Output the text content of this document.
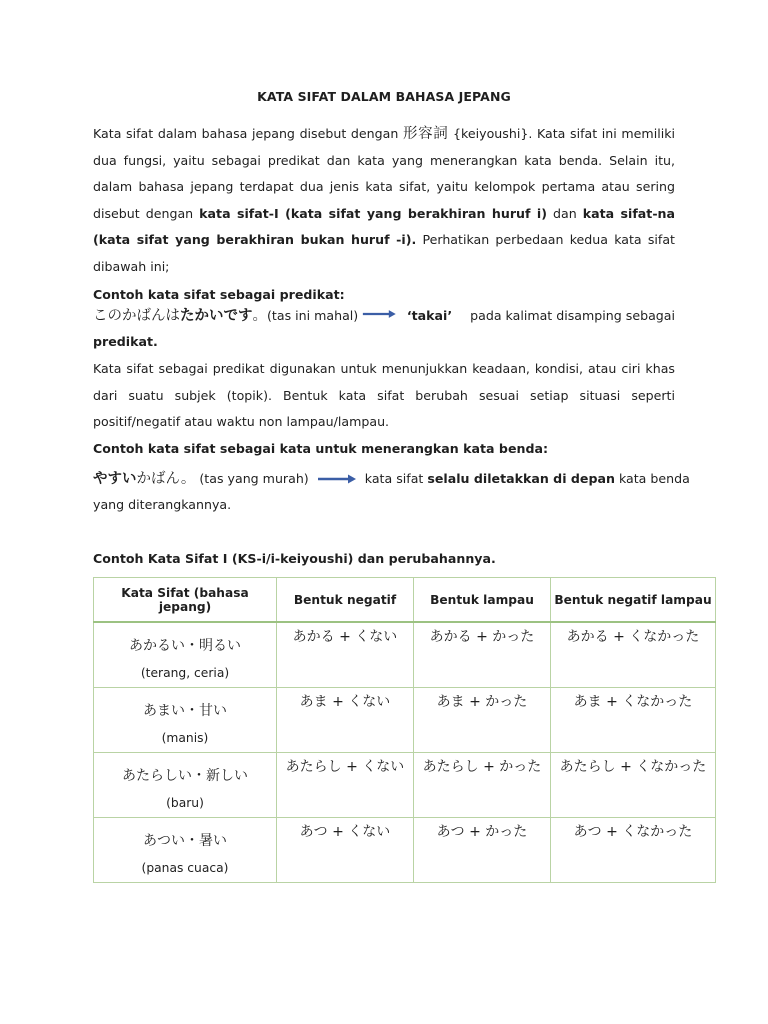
KATA SIFAT DALAM BAHASA JEPANG

Kata sifat dalam bahasa jepang disebut dengan 形容詞 {keiyoushi}. Kata sifat ini memiliki dua fungsi, yaitu sebagai predikat dan kata yang menerangkan kata benda. Selain itu, dalam bahasa jepang terdapat dua jenis kata sifat, yaitu kelompok pertama atau sering disebut dengan kata sifat-I (kata sifat yang berakhiran huruf i) dan kata sifat-na (kata sifat yang berakhiran bukan huruf -i). Perhatikan perbedaan kedua kata sifat dibawah ini;

Contoh kata sifat sebagai predikat:
このかばんはたかいです。 (tas ini mahal)	‘takai’ pada kalimat disamping sebagai
predikat.

Kata sifat sebagai predikat digunakan untuk menunjukkan keadaan, kondisi, atau ciri khas dari suatu subjek (topik). Bentuk kata sifat berubah sesuai setiap situasi seperti positif/negatif atau waktu non lampau/lampau.

Contoh kata sifat sebagai kata untuk menerangkan kata benda:
やすいかばん。 (tas yang murah)	kata sifat selalu diletakkan di depan kata benda
yang diterangkannya.
Contoh Kata Sifat I (KS-i/i-keiyoushi) dan perubahannya.
Kata Sifat (bahasa jepang)	Bentuk negatif	Bentuk lampau	Bentuk negatif lampau

あかるい・明るい
(terang, ceria)	あかる + くない	あかる + かった	あかる + くなかった

あまい・甘い
(manis)	あま + くない	あま + かった	あま + くなかった

あたらしい・新しい
(baru)	あたらし + くない	あたらし + かった	あたらし + くなかった

あつい・暑い
(panas cuaca)	あつ + くない	あつ + かった	あつ + くなかった
